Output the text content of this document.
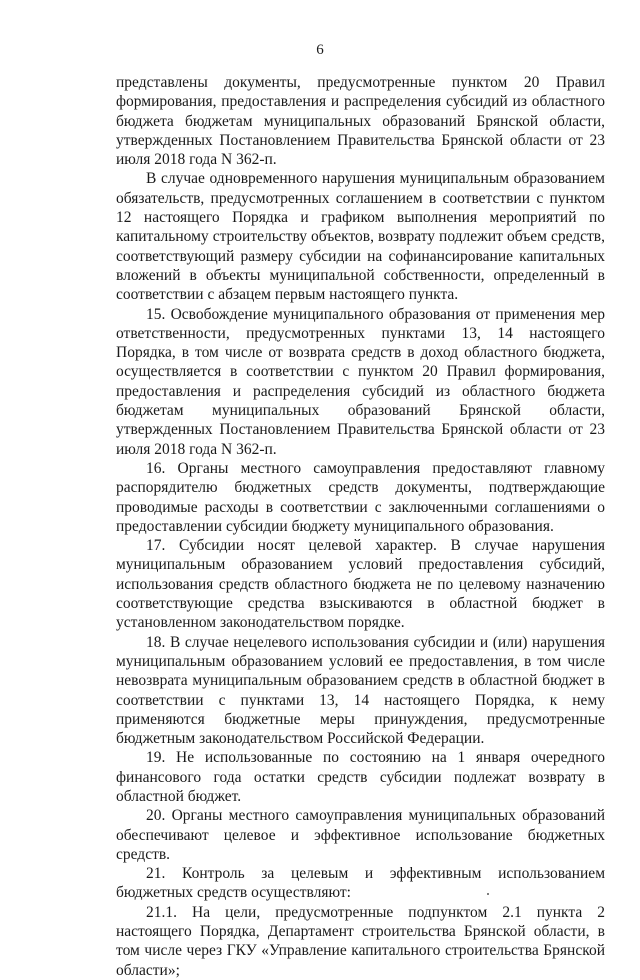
6

представлены документы, предусмотренные пунктом 20 Правил формирования, предоставления и распределения субсидий из областного бюджета бюджетам муниципальных образований Брянской области, утвержденных Постановлением Правительства Брянской области от 23 июля 2018 года N 362-п.

В случае одновременного нарушения муниципальным образованием обязательств, предусмотренных соглашением в соответствии с пунктом 12 настоящего Порядка и графиком выполнения мероприятий по капитальному строительству объектов, возврату подлежит объем средств, соответствующий размеру субсидии на софинансирование капитальных вложений в объекты муниципальной собственности, определенный в соответствии с абзацем первым настоящего пункта.

15. Освобождение муниципального образования от применения мер ответственности, предусмотренных пунктами 13, 14 настоящего Порядка, в том числе от возврата средств в доход областного бюджета, осуществляется в соответствии с пунктом 20 Правил формирования, предоставления и распределения субсидий из областного бюджета бюджетам муниципальных образований Брянской области, утвержденных Постановлением Правительства Брянской области от 23 июля 2018 года N 362-п.

16. Органы местного самоуправления предоставляют главному распорядителю бюджетных средств документы, подтверждающие проводимые расходы в соответствии с заключенными соглашениями о предоставлении субсидии бюджету муниципального образования.

17. Субсидии носят целевой характер. В случае нарушения муниципальным образованием условий предоставления субсидий, использования средств областного бюджета не по целевому назначению соответствующие средства взыскиваются в областной бюджет в установленном законодательством порядке.

18. В случае нецелевого использования субсидии и (или) нарушения муниципальным образованием условий ее предоставления, в том числе невозврата муниципальным образованием средств в областной бюджет в соответствии с пунктами 13, 14 настоящего Порядка, к нему применяются бюджетные меры принуждения, предусмотренные бюджетным законодательством Российской Федерации.

19. Не использованные по состоянию на 1 января очередного финансового года остатки средств субсидии подлежат возврату в областной бюджет.

20. Органы местного самоуправления муниципальных образований обеспечивают целевое и эффективное использование бюджетных средств.

21. Контроль за целевым и эффективным использованием бюджетных средств осуществляют:

21.1. На цели, предусмотренные подпунктом 2.1 пункта 2 настоящего Порядка, Департамент строительства Брянской области, в том числе через ГКУ «Управление капитального строительства Брянской области»;
